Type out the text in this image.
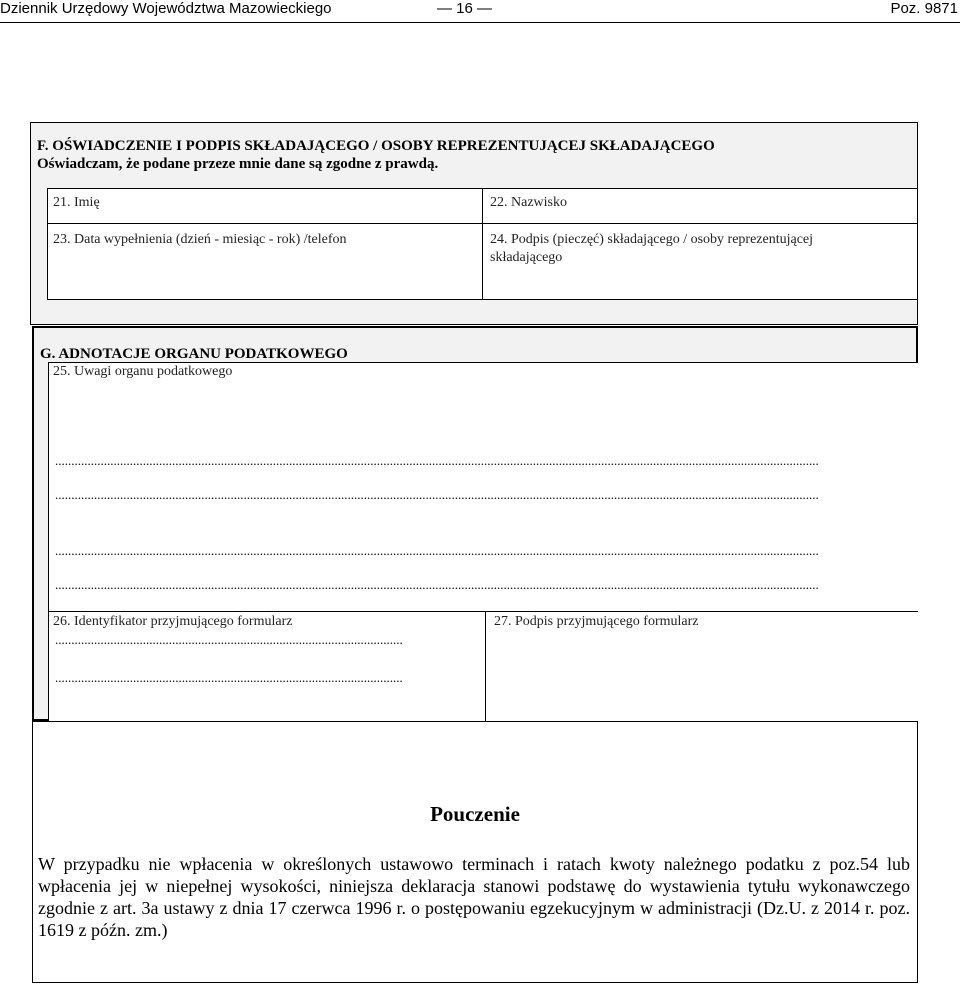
Dziennik Urzędowy Województwa Mazowieckiego	— 16 —	Poz. 9871
F. OŚWIADCZENIE I PODPIS SKŁADAJĄCEGO / OSOBY REPREZENTUJĄCEJ SKŁADAJĄCEGO
Oświadczam, że podane przeze mnie dane są zgodne z prawdą.
21. Imię	22. Nazwisko
23. Data wypełnienia (dzień - miesiąc - rok) /telefon	24. Podpis (pieczęć) składającego / osoby reprezentującej
składającego
G. ADNOTACJE ORGANU PODATKOWEGO
25. Uwagi organu podatkowego
...........................................................................................................................................................................................................................................
...........................................................................................................................................................................................................................................
...........................................................................................................................................................................................................................................
...........................................................................................................................................................................................................................................
26. Identyfikator przyjmującego formularz
...........................................................................................................
...........................................................................................................
27. Podpis przyjmującego formularz
Pouczenie
W przypadku nie wpłacenia w określonych ustawowo terminach i ratach kwoty należnego podatku z poz.54 lub wpłacenia jej w niepełnej wysokości, niniejsza deklaracja stanowi podstawę do wystawienia tytułu wykonawczego zgodnie z art. 3a ustawy z dnia 17 czerwca 1996 r. o postępowaniu egzekucyjnym w administracji (Dz.U. z 2014 r. poz. 1619 z późn. zm.)
